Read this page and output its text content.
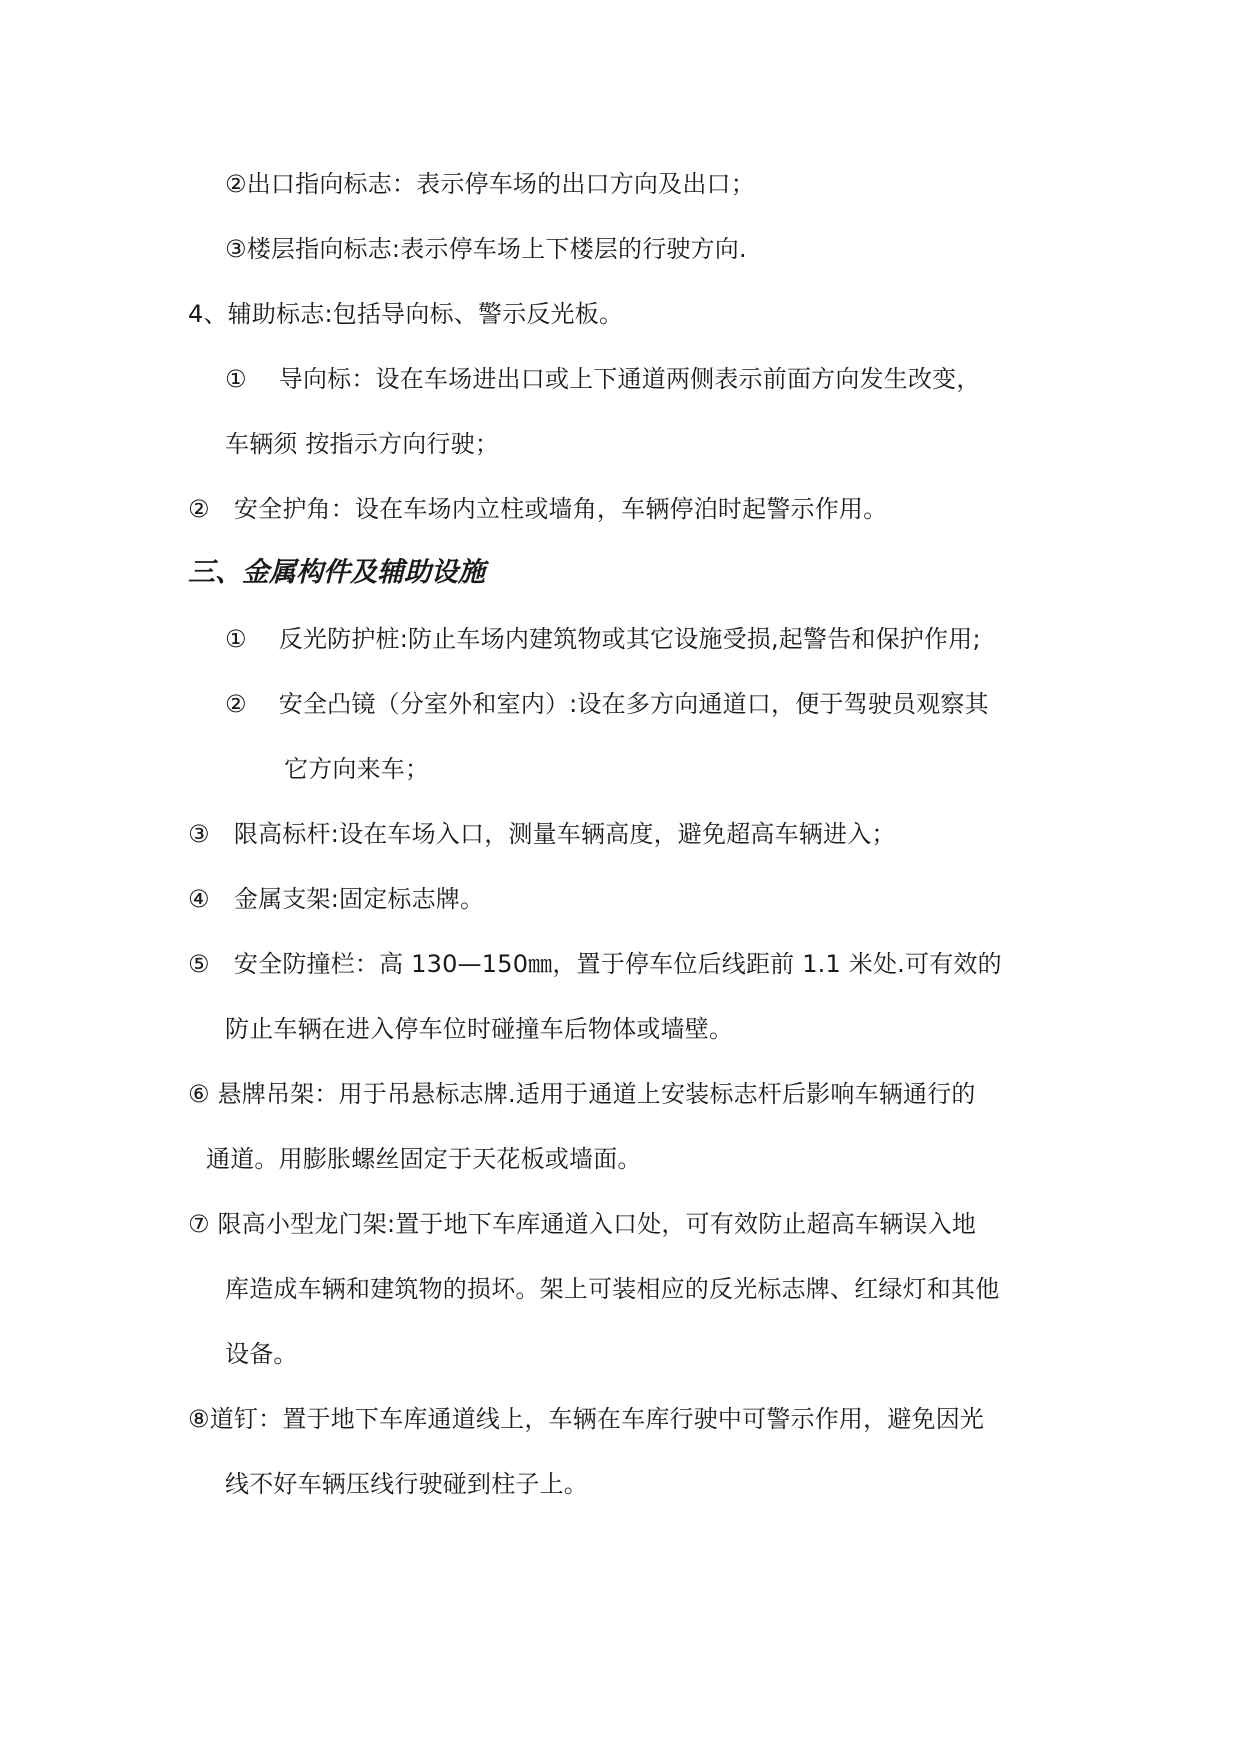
②出口指向标志：表示停车场的出口方向及出口；
③楼层指向标志:表示停车场上下楼层的行驶方向.
4、辅助标志:包括导向标、警示反光板。
①　 导向标：设在车场进出口或上下通道两侧表示前面方向发生改变，
车辆须 按指示方向行驶；
②　安全护角：设在车场内立柱或墙角，车辆停泊时起警示作用。
三、金属构件及辅助设施
①　 反光防护桩:防止车场内建筑物或其它设施受损,起警告和保护作用;
②　 安全凸镜（分室外和室内）:设在多方向通道口，便于驾驶员观察其
它方向来车；
③　限高标杆:设在车场入口，测量车辆高度，避免超高车辆进入；
④　金属支架:固定标志牌。
⑤　安全防撞栏：高 130—150㎜，置于停车位后线距前 1.1 米处.可有效的
防止车辆在进入停车位时碰撞车后物体或墙壁。
⑥ 悬牌吊架：用于吊悬标志牌.适用于通道上安装标志杆后影响车辆通行的
通道。用膨胀螺丝固定于天花板或墙面。
⑦ 限高小型龙门架:置于地下车库通道入口处，可有效防止超高车辆误入地
库造成车辆和建筑物的损坏。架上可装相应的反光标志牌、红绿灯和其他
设备。
⑧道钉：置于地下车库通道线上，车辆在车库行驶中可警示作用，避免因光
线不好车辆压线行驶碰到柱子上。
